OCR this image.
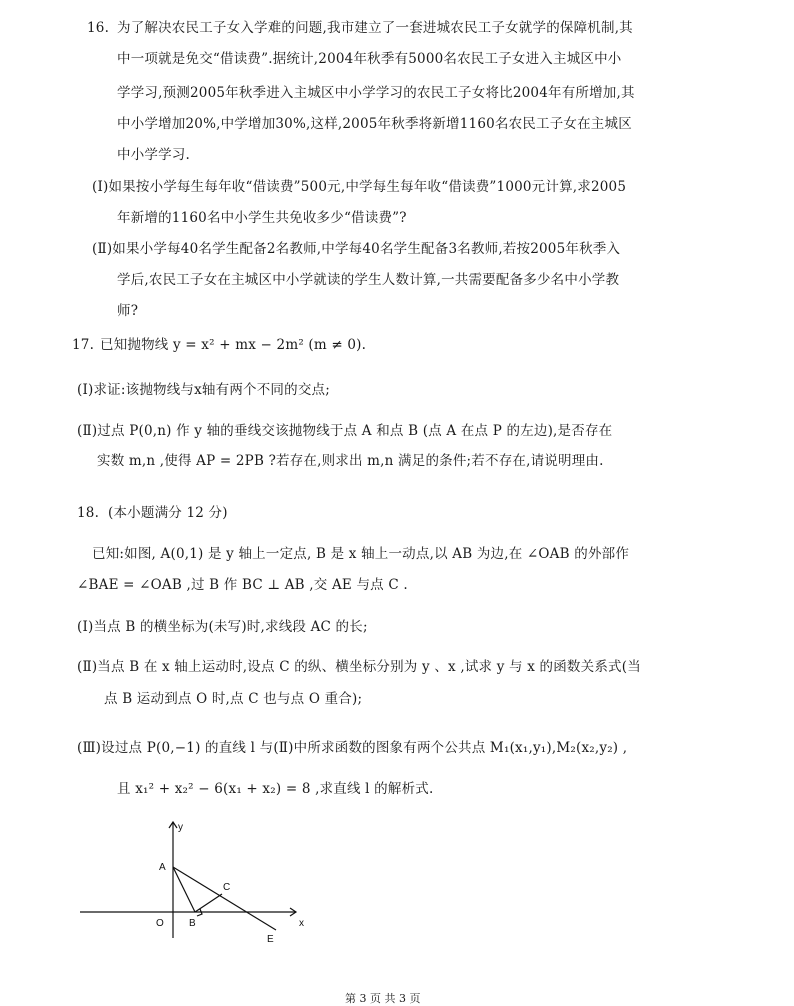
16. 为了解决农民工子女入学难的问题,我市建立了一套进城农民工子女就学的保障机制,其
中一项就是免交“借读费”.据统计,2004年秋季有5000名农民工子女进入主城区中小
学学习,预测2005年秋季进入主城区中小学学习的农民工子女将比2004年有所增加,其
中小学增加20%,中学增加30%,这样,2005年秋季将新增1160名农民工子女在主城区
中小学学习.
(Ⅰ)如果按小学每生每年收“借读费”500元,中学每生每年收“借读费”1000元计算,求2005
年新增的1160名中小学生共免收多少“借读费”?
(Ⅱ)如果小学每40名学生配备2名教师,中学每40名学生配备3名教师,若按2005年秋季入
学后,农民工子女在主城区中小学就读的学生人数计算,一共需要配备多少名中小学教
师?
17. 已知抛物线 y = x² + mx − 2m² (m ≠ 0).
(Ⅰ)求证:该抛物线与x轴有两个不同的交点;
(Ⅱ)过点 P(0,n) 作 y 轴的垂线交该抛物线于点 A 和点 B (点 A 在点 P 的左边),是否存在
实数 m,n ,使得 AP = 2PB ?若存在,则求出 m,n 满足的条件;若不存在,请说明理由.
18. (本小题满分 12 分)
已知:如图, A(0,1) 是 y 轴上一定点, B 是 x 轴上一动点,以 AB 为边,在 ∠OAB 的外部作
∠BAE = ∠OAB ,过 B 作 BC ⊥ AB ,交 AE 与点 C .
(Ⅰ)当点 B 的横坐标为(未写)时,求线段 AC 的长;
(Ⅱ)当点 B 在 x 轴上运动时,设点 C 的纵、横坐标分别为 y 、x ,试求 y 与 x 的函数关系式(当
点 B 运动到点 O 时,点 C 也与点 O 重合);
(Ⅲ)设过点 P(0,−1) 的直线 l 与(Ⅱ)中所求函数的图象有两个公共点 M₁(x₁,y₁),M₂(x₂,y₂) ,
且 x₁² + x₂² − 6(x₁ + x₂) = 8 ,求直线 l 的解析式.
y
x
A
B
C
O
E
第 3 页 共 3 页
